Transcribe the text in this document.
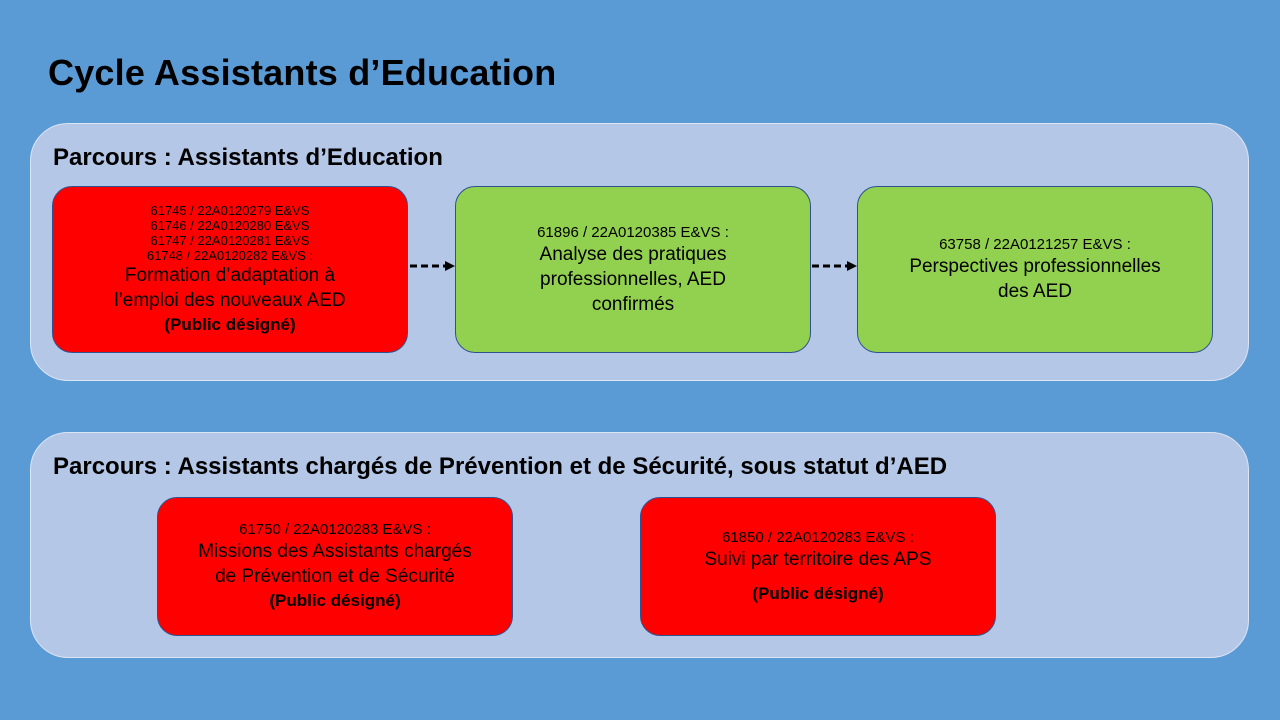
Cycle Assistants d’Education
Parcours : Assistants d’Education
61745 / 22A0120279 E&VS
61746 / 22A0120280 E&VS
61747 / 22A0120281 E&VS
61748 / 22A0120282 E&VS :
Formation d’adaptation à
l’emploi des nouveaux AED
(Public désigné)
61896 / 22A0120385 E&VS :
Analyse des pratiques
professionnelles, AED
confirmés
63758 / 22A0121257 E&VS :
Perspectives professionnelles
des AED
Parcours : Assistants chargés de Prévention et de Sécurité, sous statut d’AED
61750 / 22A0120283 E&VS :
Missions des Assistants chargés
de Prévention et de Sécurité
(Public désigné)
61850 / 22A0120283 E&VS :
Suivi par territoire des APS
(Public désigné)
